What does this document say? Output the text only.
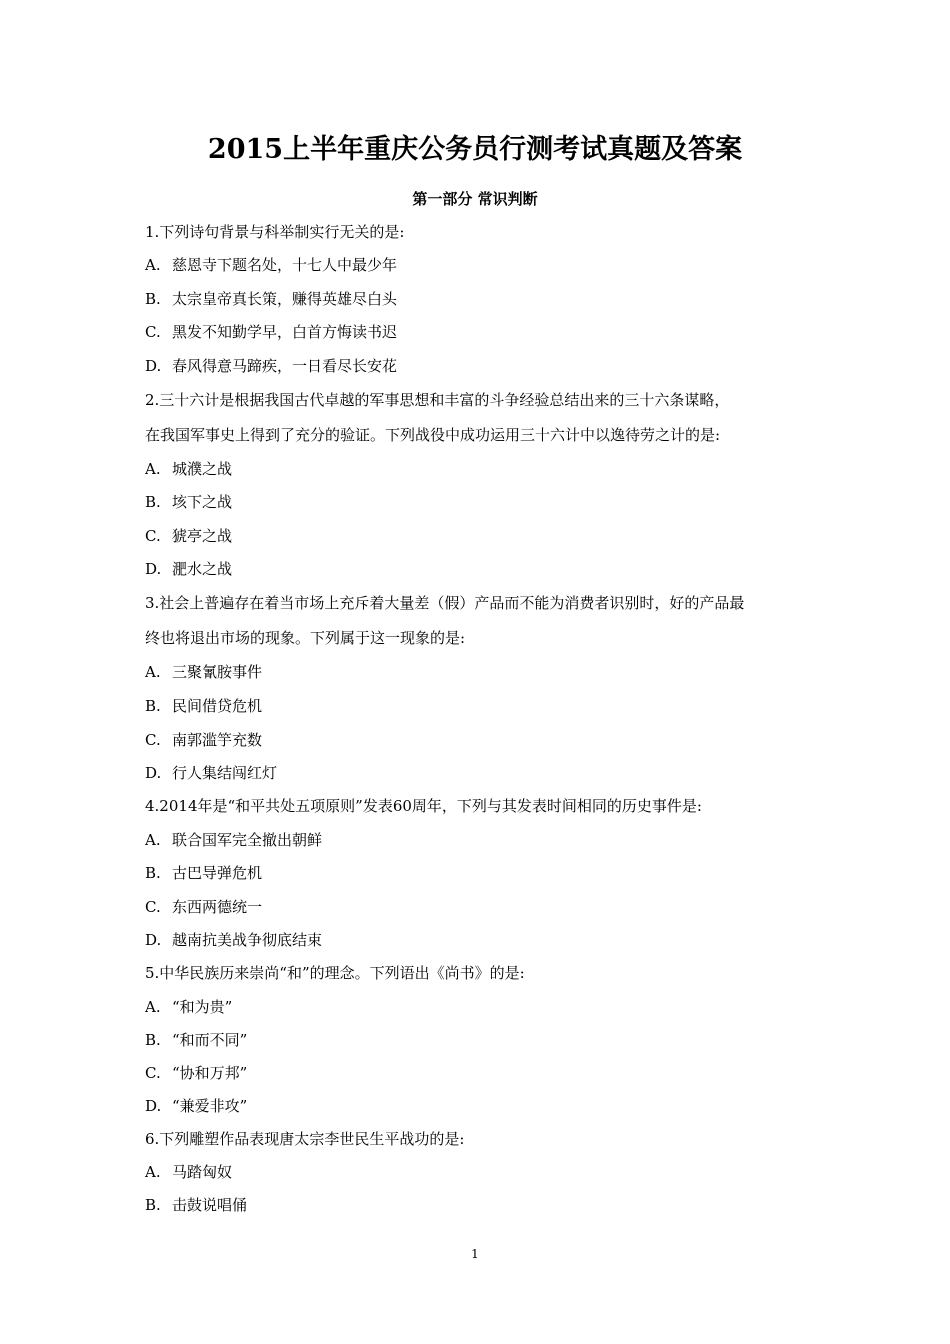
2015上半年重庆公务员行测考试真题及答案
第一部分 常识判断
1.下列诗句背景与科举制实行无关的是:
A. 慈恩寺下题名处，十七人中最少年
B. 太宗皇帝真长策，赚得英雄尽白头
C. 黑发不知勤学早，白首方悔读书迟
D. 春风得意马蹄疾，一日看尽长安花
2.三十六计是根据我国古代卓越的军事思想和丰富的斗争经验总结出来的三十六条谋略，
在我国军事史上得到了充分的验证。下列战役中成功运用三十六计中以逸待劳之计的是:
A. 城濮之战
B. 垓下之战
C. 猇亭之战
D. 淝水之战
3.社会上普遍存在着当市场上充斥着大量差（假）产品而不能为消费者识别时，好的产品最
终也将退出市场的现象。下列属于这一现象的是:
A. 三聚氰胺事件
B. 民间借贷危机
C. 南郭滥竽充数
D. 行人集结闯红灯
4.2014年是“和平共处五项原则”发表60周年，下列与其发表时间相同的历史事件是:
A. 联合国军完全撤出朝鲜
B. 古巴导弹危机
C. 东西两德统一
D. 越南抗美战争彻底结束
5.中华民族历来崇尚“和”的理念。下列语出《尚书》的是:
A. “和为贵”
B. “和而不同”
C. “协和万邦”
D. “兼爱非攻”
6.下列雕塑作品表现唐太宗李世民生平战功的是:
A. 马踏匈奴
B. 击鼓说唱俑
1
